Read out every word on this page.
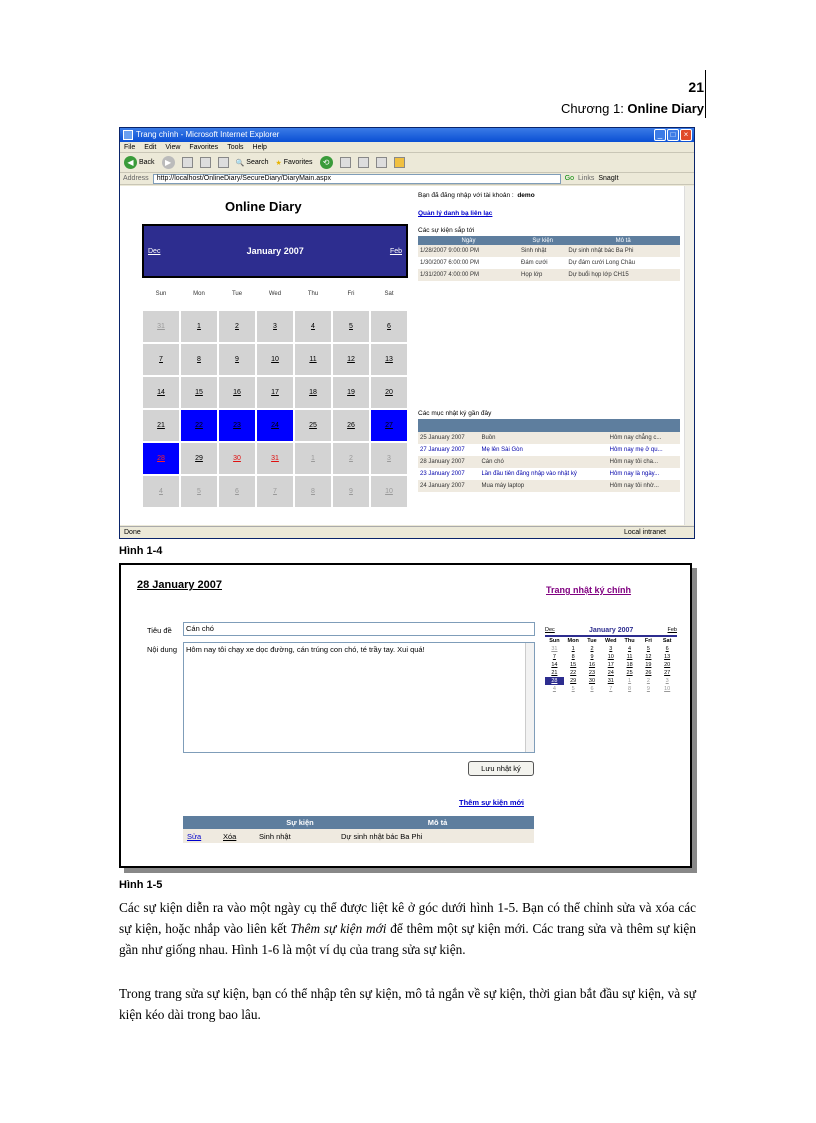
21
Chương 1: Online Diary
Trang chính - Microsoft Internet Explorer	_	□	×
File Edit View Favorites Tools Help
◀ Back	▶	🔍 Search ★ Favorites	⟲
Address	http://localhost/OnlineDiary/SecureDiary/DiaryMain.aspx	Go Links SnagIt
Online Diary
Dec	January 2007	Feb
Sun	Mon	Tue	Wed	Thu	Fri	Sat
31	1	2	3	4	5	6
7	8	9	10	11	12	13
14	15	16	17	18	19	20
21	22	23	24	25	26	27
28	29	30	31	1	2	3
4	5	6	7	8	9	10
Bạn đã đăng nhập với tài khoản : demo
Quản lý danh bạ liên lạc
Các sự kiện sắp tới
Ngày	Sự kiện	Mô tả
1/28/2007 9:00:00 PM	Sinh nhật	Dự sinh nhật bác Ba Phi
1/30/2007 6:00:00 PM	Đám cưới	Dự đám cưới Long Châu
1/31/2007 4:00:00 PM	Họp lớp	Dự buổi họp lớp CH15
Các mục nhật ký gần đây

25 January 2007	Buồn	Hôm nay chẳng c...
27 January 2007	Mẹ lên Sài Gòn	Hôm nay mẹ ở qu...
28 January 2007	Cán chó	Hôm nay tôi cha...
23 January 2007	Lần đầu tiên đăng nhập vào nhật ký	Hôm nay là ngày...
24 January 2007	Mua máy laptop	Hôm nay tôi nhờ...
Done	Local intranet
Hình 1-4
28 January 2007	Trang nhật ký chính
Tiêu đề	Cán chó
Nội dung	Hôm nay tôi chạy xe dọc đường, cán trúng con chó, té trầy tay. Xui quá!
Lưu nhật ký
Thêm sự kiện mới
		Sự kiện	Mô tả
Sửa	Xóa	Sinh nhật	Dự sinh nhật bác Ba Phi
Dec	January 2007	Feb
Sun	Mon	Tue	Wed	Thu	Fri	Sat
31	1	2	3	4	5	6
7	8	9	10	11	12	13
14	15	16	17	18	19	20
21	22	23	24	25	26	27
28	29	30	31	1	2	3
4	5	6	7	8	9	10
Hình 1-5
Các sự kiện diễn ra vào một ngày cụ thể được liệt kê ở góc dưới hình 1-5. Bạn có thể chỉnh sửa và xóa các sự kiện, hoặc nhắp vào liên kết Thêm sự kiện mới để thêm một sự kiện mới. Các trang sửa và thêm sự kiện gần như giống nhau. Hình 1-6 là một ví dụ của trang sửa sự kiện.
Trong trang sửa sự kiện, bạn có thể nhập tên sự kiện, mô tả ngắn về sự kiện, thời gian bắt đầu sự kiện, và sự kiện kéo dài trong bao lâu.
